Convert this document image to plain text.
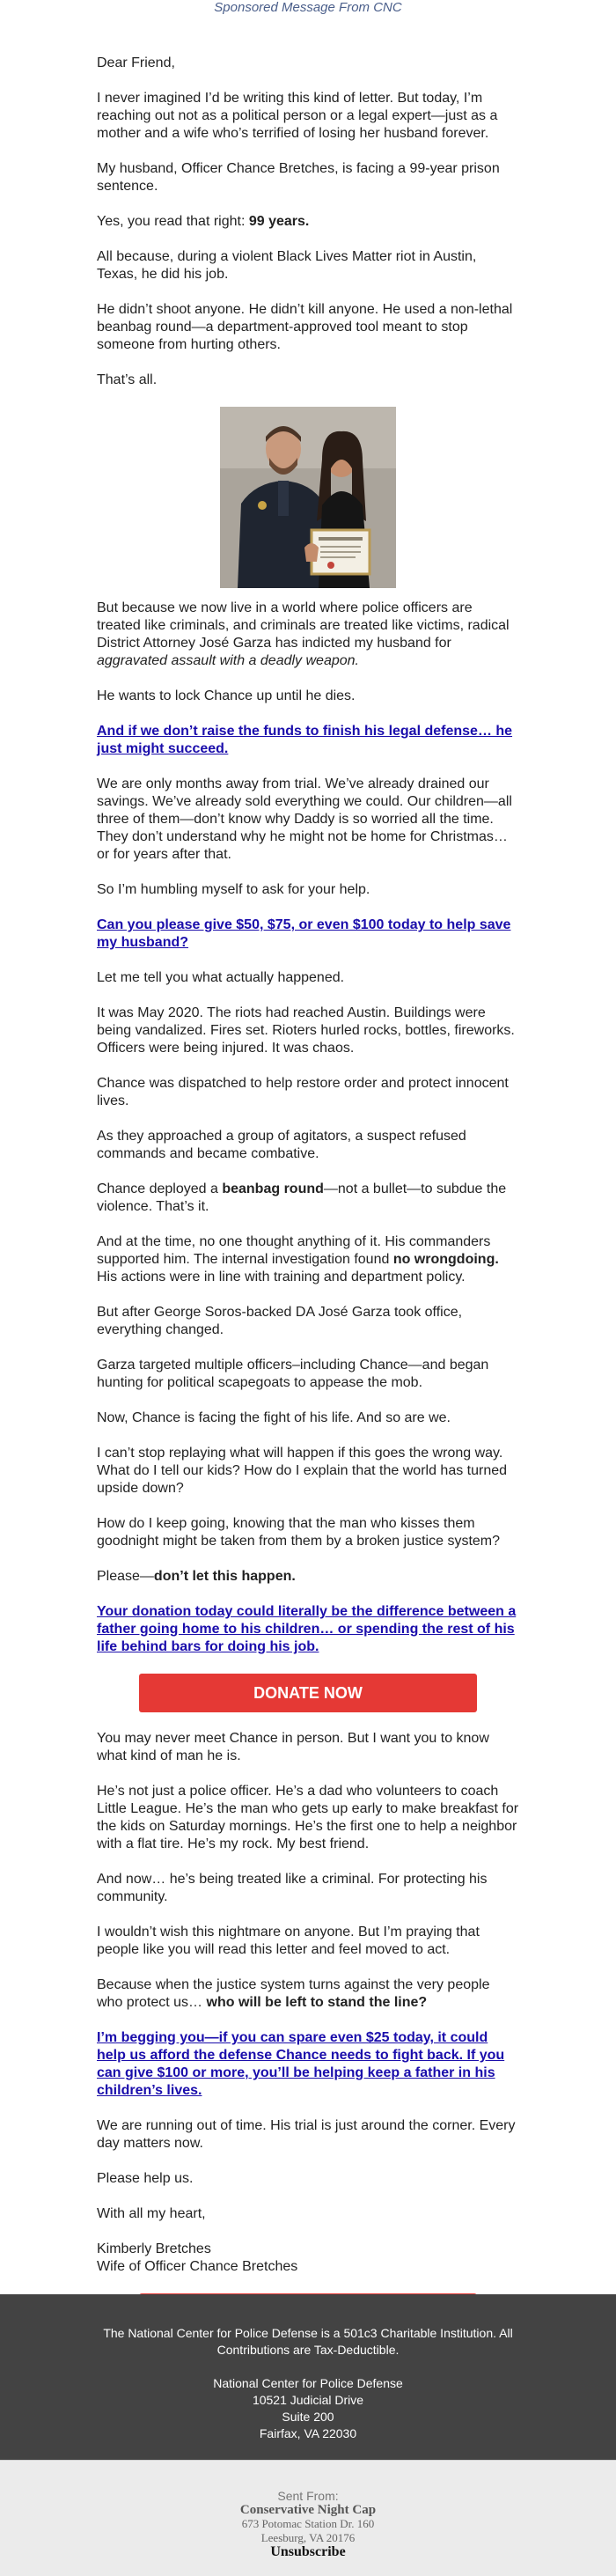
Sponsored Message From CNC

Dear Friend,

I never imagined I’d be writing this kind of letter. But today, I’m reaching out not as a political person or a legal expert—just as a mother and a wife who’s terrified of losing her husband forever.

My husband, Officer Chance Bretches, is facing a 99-year prison sentence.

Yes, you read that right: 99 years.

All because, during a violent Black Lives Matter riot in Austin, Texas, he did his job.

He didn’t shoot anyone. He didn’t kill anyone. He used a non-lethal beanbag round—a department-approved tool meant to stop someone from hurting others.

That’s all.

But because we now live in a world where police officers are treated like criminals, and criminals are treated like victims, radical District Attorney José Garza has indicted my husband for aggravated assault with a deadly weapon.

He wants to lock Chance up until he dies.

And if we don’t raise the funds to finish his legal defense… he just might succeed.

We are only months away from trial. We’ve already drained our savings. We’ve already sold everything we could. Our children—all three of them—don’t know why Daddy is so worried all the time. They don’t understand why he might not be home for Christmas… or for years after that.

So I’m humbling myself to ask for your help.

Can you please give $50, $75, or even $100 today to help save my husband?

Let me tell you what actually happened.

It was May 2020. The riots had reached Austin. Buildings were being vandalized. Fires set. Rioters hurled rocks, bottles, fireworks. Officers were being injured. It was chaos.

Chance was dispatched to help restore order and protect innocent lives.

As they approached a group of agitators, a suspect refused commands and became combative.

Chance deployed a beanbag round—not a bullet—to subdue the violence. That’s it.

And at the time, no one thought anything of it. His commanders supported him. The internal investigation found no wrongdoing. His actions were in line with training and department policy.

But after George Soros-backed DA José Garza took office, everything changed.

Garza targeted multiple officers–including Chance—and began hunting for political scapegoats to appease the mob.

Now, Chance is facing the fight of his life. And so are we.

I can’t stop replaying what will happen if this goes the wrong way. What do I tell our kids? How do I explain that the world has turned upside down?

How do I keep going, knowing that the man who kisses them goodnight might be taken from them by a broken justice system?

Please—don’t let this happen.

Your donation today could literally be the difference between a father going home to his children… or spending the rest of his life behind bars for doing his job.
DONATE NOW

You may never meet Chance in person. But I want you to know what kind of man he is.

He’s not just a police officer. He’s a dad who volunteers to coach Little League. He’s the man who gets up early to make breakfast for the kids on Saturday mornings. He’s the first one to help a neighbor with a flat tire. He’s my rock. My best friend.

And now… he’s being treated like a criminal. For protecting his community.

I wouldn’t wish this nightmare on anyone. But I’m praying that people like you will read this letter and feel moved to act.

Because when the justice system turns against the very people who protect us… who will be left to stand the line?

I’m begging you—if you can spare even $25 today, it could help us afford the defense Chance needs to fight back. If you can give $100 or more, you’ll be helping keep a father in his children’s lives.

We are running out of time. His trial is just around the corner. Every day matters now.

Please help us.

With all my heart,

Kimberly Bretches
Wife of Officer Chance Bretches

The National Center for Police Defense is a 501c3 Charitable Institution. All Contributions are Tax-Deductible.

National Center for Police Defense
10521 Judicial Drive
Suite 200
Fairfax, VA 22030
Sent From:
Conservative Night Cap
673 Potomac Station Dr. 160
Leesburg, VA 20176
Unsubscribe
